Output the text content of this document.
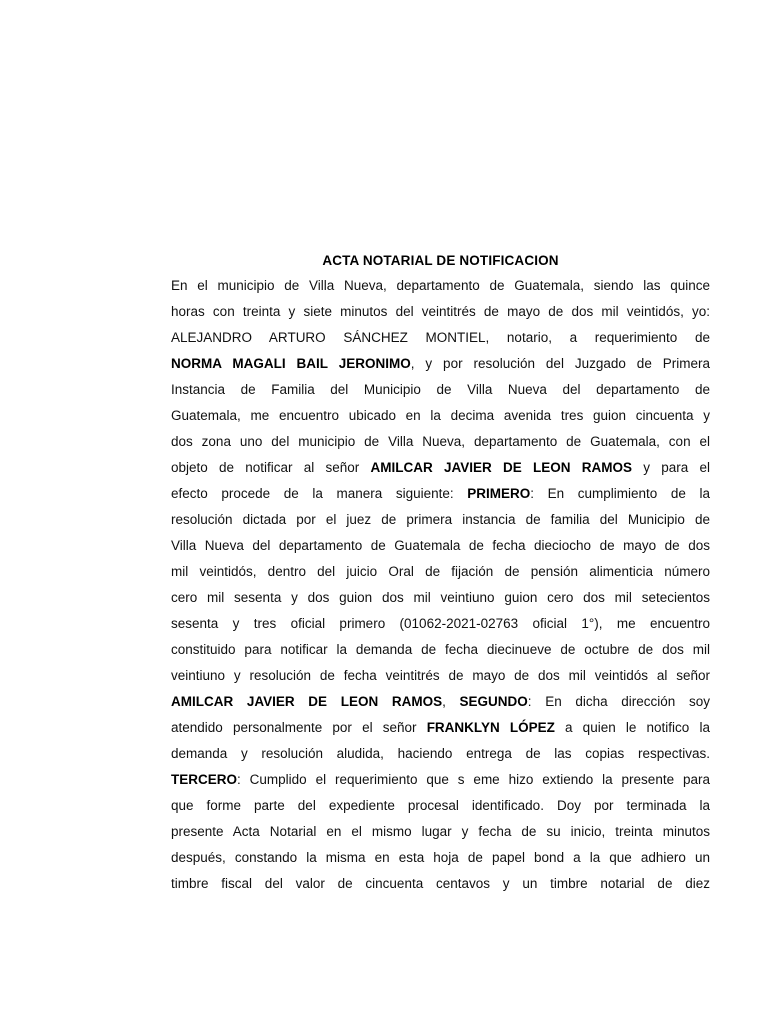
ACTA NOTARIAL DE NOTIFICACION
En el municipio de Villa Nueva, departamento de Guatemala, siendo las quince
horas con treinta y siete minutos del veintitrés de mayo de dos mil veintidós, yo:
ALEJANDRO ARTURO SÁNCHEZ MONTIEL, notario, a requerimiento de
NORMA MAGALI BAIL JERONIMO, y por resolución del Juzgado de Primera
Instancia de Familia del Municipio de Villa Nueva del departamento de
Guatemala, me encuentro ubicado en la decima avenida tres guion cincuenta y
dos zona uno del municipio de Villa Nueva, departamento de Guatemala, con el
objeto de notificar al señor AMILCAR JAVIER DE LEON RAMOS y para el
efecto procede de la manera siguiente: PRIMERO: En cumplimiento de la
resolución dictada por el juez de primera instancia de familia del Municipio de
Villa Nueva del departamento de Guatemala de fecha dieciocho de mayo de dos
mil veintidós, dentro del juicio Oral de fijación de pensión alimenticia número
cero mil sesenta y dos guion dos mil veintiuno guion cero dos mil setecientos
sesenta y tres oficial primero (01062-2021-02763 oficial 1°), me encuentro
constituido para notificar la demanda de fecha diecinueve de octubre de dos mil
veintiuno y resolución de fecha veintitrés de mayo de dos mil veintidós al señor
AMILCAR JAVIER DE LEON RAMOS, SEGUNDO: En dicha dirección soy
atendido personalmente por el señor FRANKLYN LÓPEZ a quien le notifico la
demanda y resolución aludida, haciendo entrega de las copias respectivas.
TERCERO: Cumplido el requerimiento que s eme hizo extiendo la presente para
que forme parte del expediente procesal identificado. Doy por terminada la
presente Acta Notarial en el mismo lugar y fecha de su inicio, treinta minutos
después, constando la misma en esta hoja de papel bond a la que adhiero un
timbre fiscal del valor de cincuenta centavos y un timbre notarial de diez
